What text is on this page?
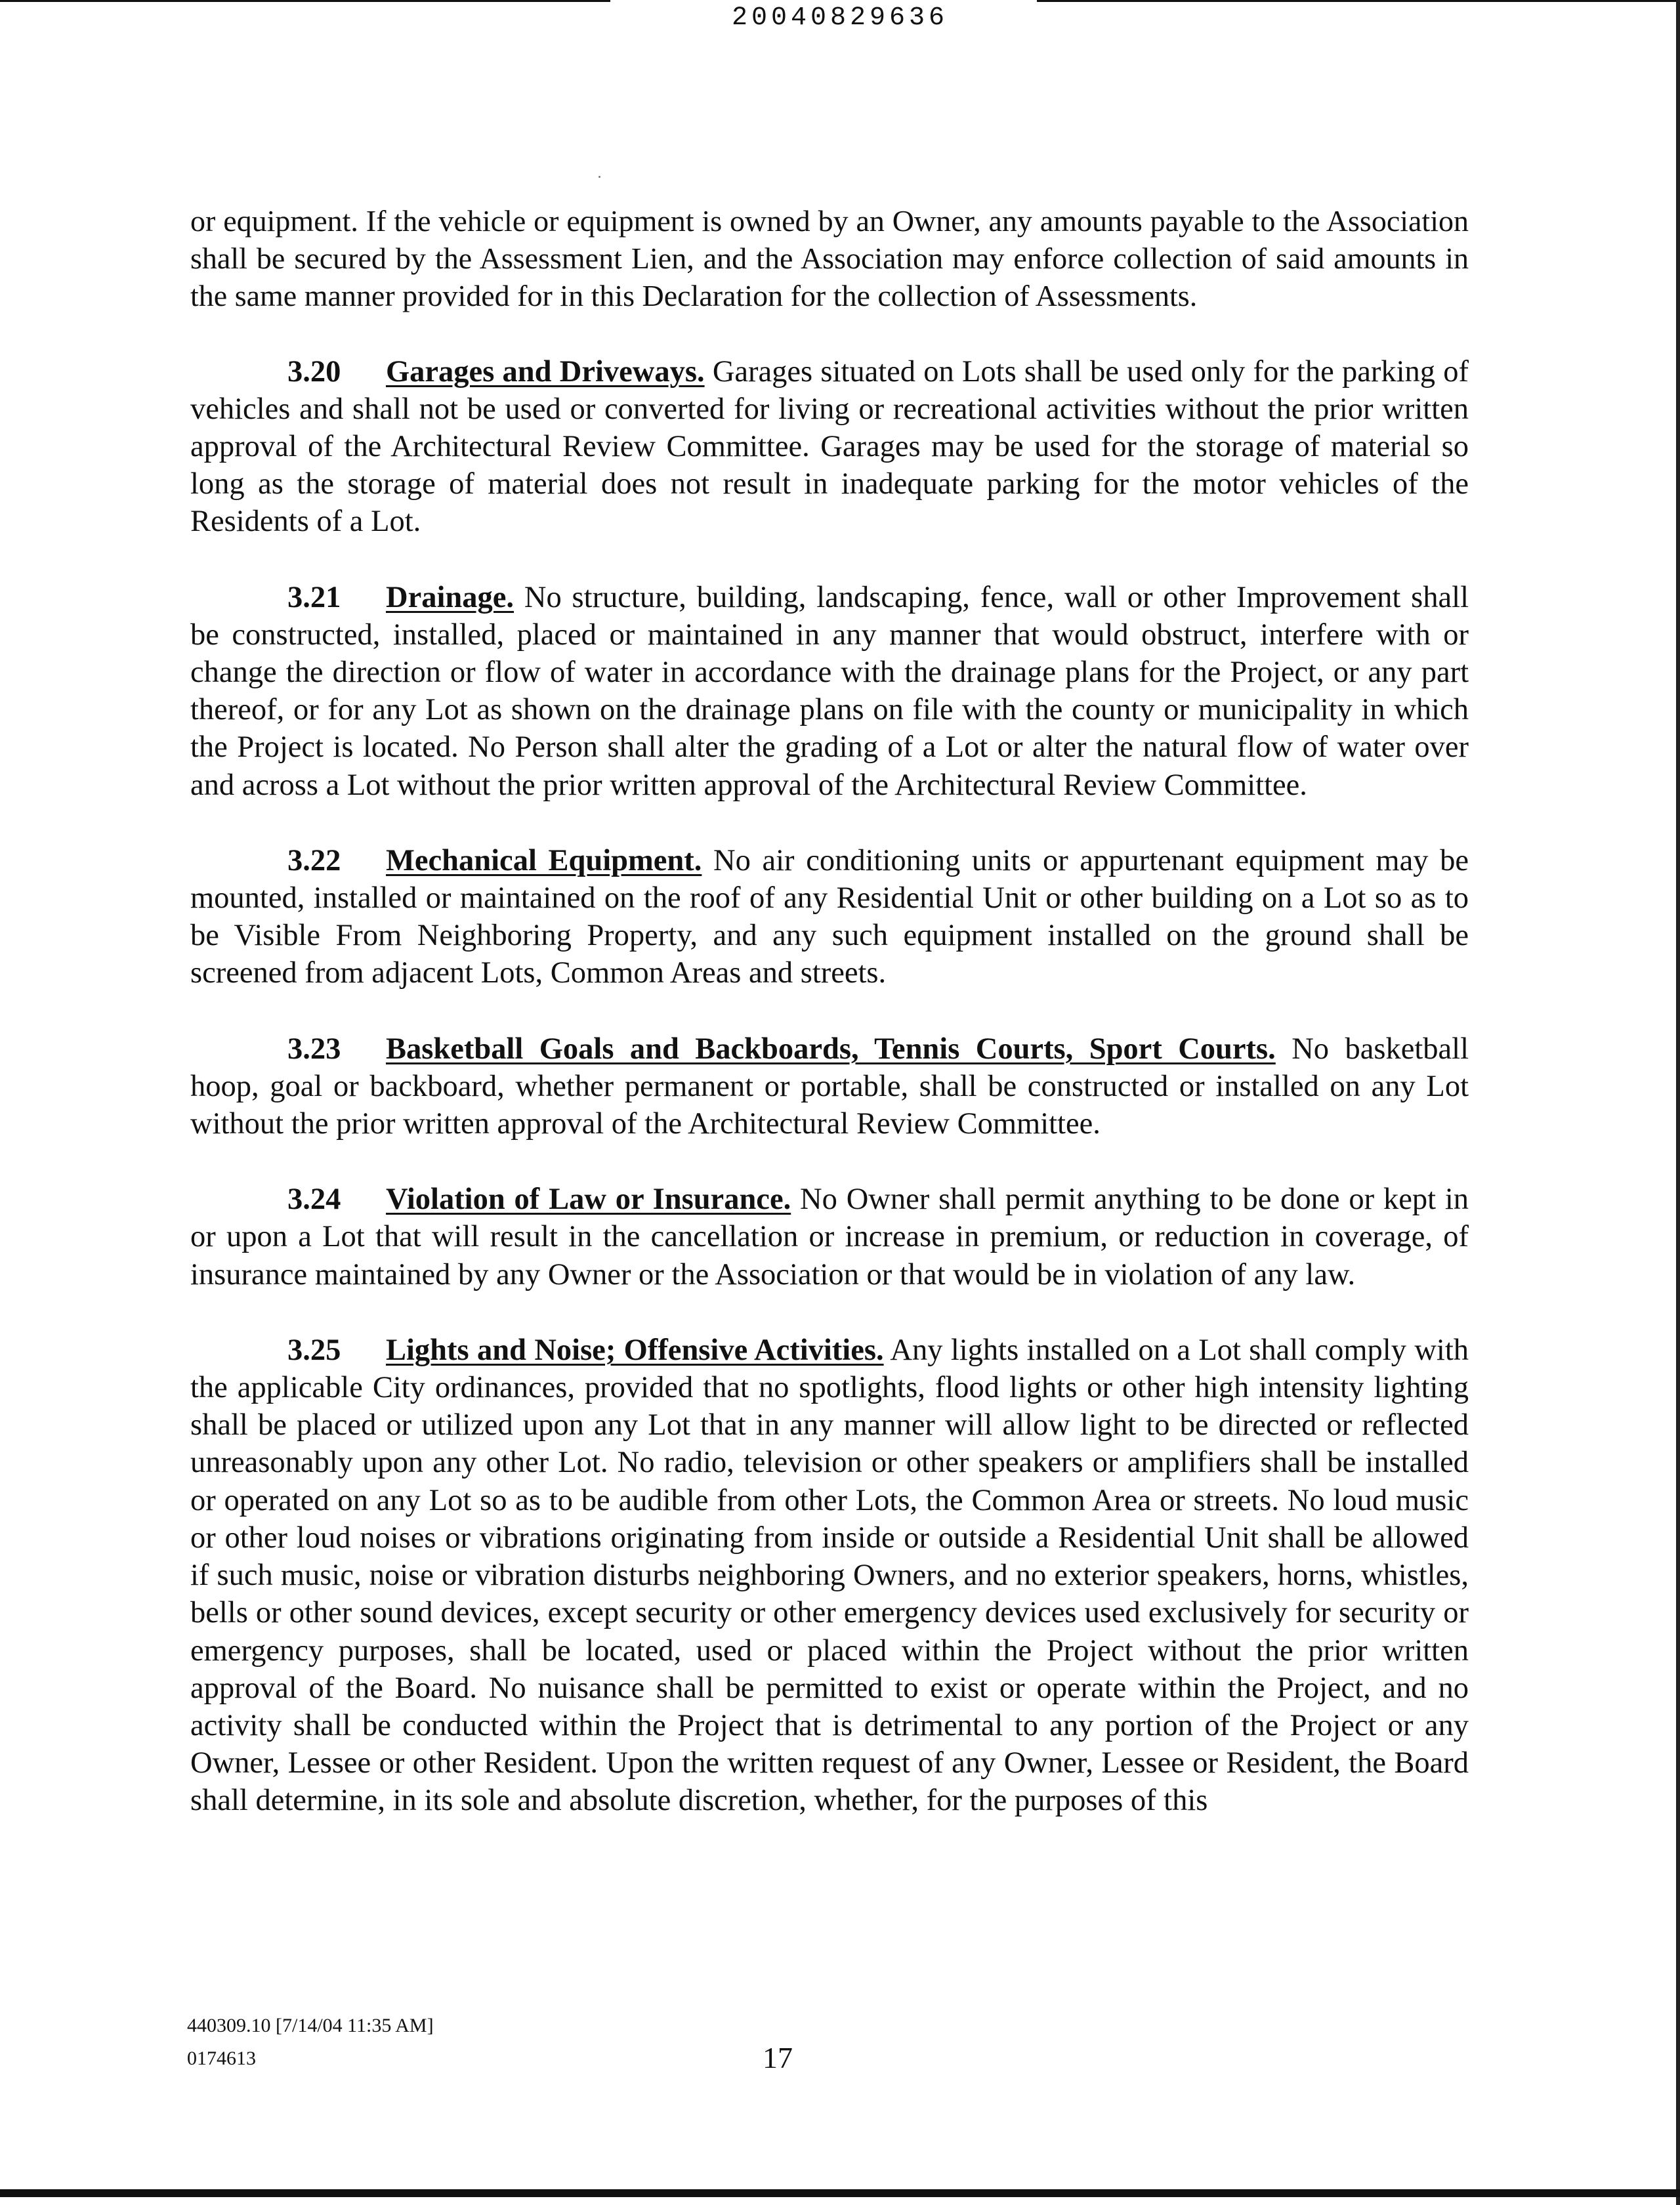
20040829636

or equipment. If the vehicle or equipment is owned by an Owner, any amounts payable to the Association shall be secured by the Assessment Lien, and the Association may enforce collection of said amounts in the same manner provided for in this Declaration for the collection of Assessments.

3.20 Garages and Driveways. Garages situated on Lots shall be used only for the parking of vehicles and shall not be used or converted for living or recreational activities without the prior written approval of the Architectural Review Committee. Garages may be used for the storage of material so long as the storage of material does not result in inadequate parking for the motor vehicles of the Residents of a Lot.

3.21 Drainage. No structure, building, landscaping, fence, wall or other Improvement shall be constructed, installed, placed or maintained in any manner that would obstruct, interfere with or change the direction or flow of water in accordance with the drainage plans for the Project, or any part thereof, or for any Lot as shown on the drainage plans on file with the county or municipality in which the Project is located. No Person shall alter the grading of a Lot or alter the natural flow of water over and across a Lot without the prior written approval of the Architectural Review Committee.

3.22 Mechanical Equipment. No air conditioning units or appurtenant equipment may be mounted, installed or maintained on the roof of any Residential Unit or other building on a Lot so as to be Visible From Neighboring Property, and any such equipment installed on the ground shall be screened from adjacent Lots, Common Areas and streets.

3.23 Basketball Goals and Backboards, Tennis Courts, Sport Courts. No basketball hoop, goal or backboard, whether permanent or portable, shall be constructed or installed on any Lot without the prior written approval of the Architectural Review Committee.

3.24 Violation of Law or Insurance. No Owner shall permit anything to be done or kept in or upon a Lot that will result in the cancellation or increase in premium, or reduction in coverage, of insurance maintained by any Owner or the Association or that would be in violation of any law.

3.25 Lights and Noise; Offensive Activities. Any lights installed on a Lot shall comply with the applicable City ordinances, provided that no spotlights, flood lights or other high intensity lighting shall be placed or utilized upon any Lot that in any manner will allow light to be directed or reflected unreasonably upon any other Lot. No radio, television or other speakers or amplifiers shall be installed or operated on any Lot so as to be audible from other Lots, the Common Area or streets. No loud music or other loud noises or vibrations originating from inside or outside a Residential Unit shall be allowed if such music, noise or vibration disturbs neighboring Owners, and no exterior speakers, horns, whistles, bells or other sound devices, except security or other emergency devices used exclusively for security or emergency purposes, shall be located, used or placed within the Project without the prior written approval of the Board. No nuisance shall be permitted to exist or operate within the Project, and no activity shall be conducted within the Project that is detrimental to any portion of the Project or any Owner, Lessee or other Resident. Upon the written request of any Owner, Lessee or Resident, the Board shall determine, in its sole and absolute discretion, whether, for the purposes of this

440309.10 [7/14/04 11:35 AM]
0174613	17
